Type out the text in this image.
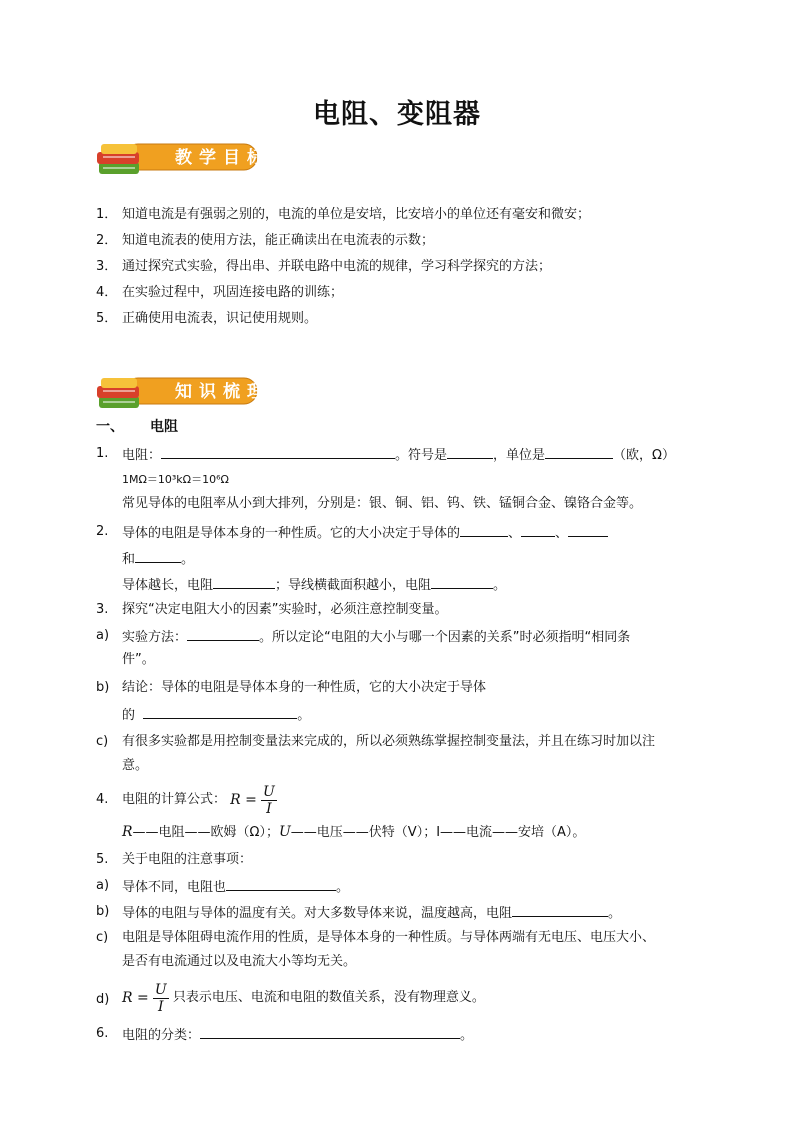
电阻、变阻器
教学目标
1． 知道电流是有强弱之别的，电流的单位是安培，比安培小的单位还有毫安和微安；
2． 知道电流表的使用方法，能正确读出在电流表的示数；
3． 通过探究式实验，得出串、并联电路中电流的规律，学习科学探究的方法；
4． 在实验过程中，巩固连接电路的训练；
5． 正确使用电流表，识记使用规则。
知识梳理
一、 电阻
1. 电阻：	。符号是	，单位是	（欧，Ω）
1MΩ＝10³kΩ＝10⁶Ω
常见导体的电阻率从小到大排列，分别是：银、铜、铝、钨、铁、锰铜合金、镍铬合金等。
2. 导体的电阻是导体本身的一种性质。它的大小决定于导体的	、	、
和	。
导体越长，电阻	；导线横截面积越小，电阻	。
3. 探究“决定电阻大小的因素”实验时，必须注意控制变量。
a) 实验方法：	。所以定论“电阻的大小与哪一个因素的关系”时必须指明“相同条
件”。
b) 结论：导体的电阻是导体本身的一种性质，它的大小决定于导体
的	。
c) 有很多实验都是用控制变量法来完成的，所以必须熟练掌握控制变量法，并且在练习时加以注
意。
4. 电阻的计算公式： $R = \frac{U}{I}$
R——电阻——欧姆（Ω）；U——电压——伏特（V）；I——电流——安培（A）。
5. 关于电阻的注意事项：
a) 导体不同，电阻也	。
b) 导体的电阻与导体的温度有关。对大多数导体来说，温度越高，电阻	。
c) 电阻是导体阻碍电流作用的性质，是导体本身的一种性质。与导体两端有无电压、电压大小、
是否有电流通过以及电流大小等均无关。
d) $R = \frac{U}{I}$ 只表示电压、电流和电阻的数值关系，没有物理意义。
6. 电阻的分类：	。
